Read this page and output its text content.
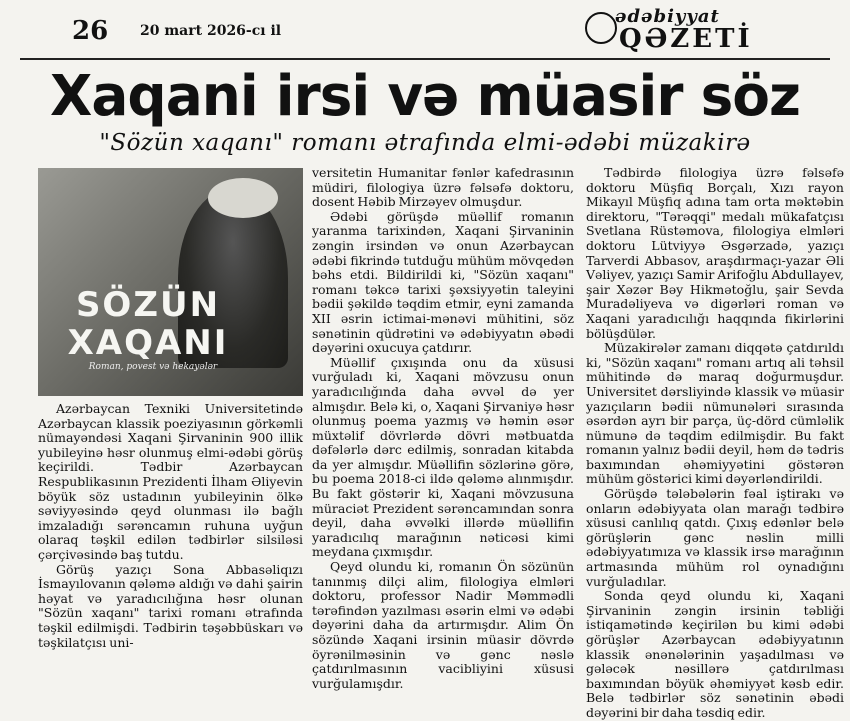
26 20 mart 2026-cı il
ədəbiyyat
QƏZETİ
Xaqani irsi və müasir söz
"Sözün xaqanı" romanı ətrafında elmi-ədəbi müzakirə
SÖZÜN XAQANI
Roman, povest və hekayələr

Azərbaycan Texniki Universitetində Azərbaycan klassik poeziyasının görkəmli nümayəndəsi Xaqani Şirvaninin 900 illik yubileyinə həsr olunmuş elmi-ədəbi görüş keçirildi. Tədbir Azərbaycan Respublikasının Prezidenti İlham Əliyevin böyük söz ustadının yubileyinin ölkə səviyyəsində qeyd olunması ilə bağlı imzaladığı sərəncamın ruhuna uyğun olaraq təşkil edilən tədbirlər silsiləsi çərçivəsində baş tutdu.

Görüş yazıçı Sona Abbasəliqızı İsmayılovanın qələmə aldığı və dahi şairin həyat və yaradıcılığına həsr olunan "Sözün xaqanı" tarixi romanı ətrafında təşkil edilmişdi. Tədbirin təşəbbüskarı və təşkilatçısı uni-

versitetin Humanitar fənlər kafedrasının müdiri, filologiya üzrə fəlsəfə doktoru, dosent Həbib Mirzəyev olmuşdur.

Ədəbi görüşdə müəllif romanın yaranma tarixindən, Xaqani Şirvaninin zəngin irsindən və onun Azərbaycan ədəbi fikrində tutduğu mühüm mövqedən bəhs etdi. Bildirildi ki, "Sözün xaqanı" romanı təkcə tarixi şəxsiyyətin taleyini bədii şəkildə təqdim etmir, eyni zamanda XII əsrin ictimai-mənəvi mühitini, söz sənətinin qüdrətini və ədəbiyyatın əbədi dəyərini oxucuya çatdırır.

Müəllif çıxışında onu da xüsusi vurğuladı ki, Xaqani mövzusu onun yaradıcılığında daha əvvəl də yer almışdır. Belə ki, o, Xaqani Şirvaniyə həsr olunmuş poema yazmış və həmin əsər müxtəlif dövrlərdə dövri mətbuatda dəfələrlə dərc edilmiş, sonradan kitabda da yer almışdır. Müəllifin sözlərinə görə, bu poema 2018-ci ildə qələmə alınmışdır. Bu fakt göstərir ki, Xaqani mövzusuna müraciət Prezident sərəncamından sonra deyil, daha əvvəlki illərdə müəllifin yaradıcılıq marağının nəticəsi kimi meydana çıxmışdır.

Qeyd olundu ki, romanın Ön sözünün tanınmış dilçi alim, filologiya elmləri doktoru, professor Nadir Məmmədli tərəfindən yazılması əsərin elmi və ədəbi dəyərini daha da artırmışdır. Alim Ön sözündə Xaqani irsinin müasir dövrdə öyrənilməsinin və gənc nəslə çatdırılmasının vacibliyini xüsusi vurğulamışdır.

Tədbirdə filologiya üzrə fəlsəfə doktoru Müşfiq Borçalı, Xızı rayon Mikayıl Müşfiq adına tam orta məktəbin direktoru, "Tərəqqi" medalı mükafatçısı Svetlana Rüstəmova, filologiya elmləri doktoru Lütviyyə Əsgərzadə, yazıçı Tarverdi Abbasov, araşdırmaçı-yazar Əli Vəliyev, yazıçı Samir Arifoğlu Abdullayev, şair Xəzər Bəy Hikmətoğlu, şair Sevda Muradəliyeva və digərləri roman və Xaqani yaradıcılığı haqqında fikirlərini bölüşdülər.

Müzakirələr zamanı diqqətə çatdırıldı ki, "Sözün xaqanı" romanı artıq ali təhsil mühitində də maraq doğurmuşdur. Universitet dərsliyində klassik və müasir yazıçıların bədii nümunələri sırasında əsərdən ayrı bir parça, üç-dörd cümləlik nümunə də təqdim edilmişdir. Bu fakt romanın yalnız bədii deyil, həm də tədris baxımından əhəmiyyətini göstərən mühüm göstərici kimi dəyərləndirildi.

Görüşdə tələbələrin fəal iştirakı və onların ədəbiyyata olan marağı tədbirə xüsusi canlılıq qatdı. Çıxış edənlər belə görüşlərin gənc nəslin milli ədəbiyyatımıza və klassik irsə marağının artmasında mühüm rol oynadığını vurğuladılar.

Sonda qeyd olundu ki, Xaqani Şirvaninin zəngin irsinin təbliği istiqamətində keçirilən bu kimi ədəbi görüşlər Azərbaycan ədəbiyyatının klassik ənənələrinin yaşadılması və gələcək nəsillərə çatdırılması baxımından böyük əhəmiyyət kəsb edir. Belə tədbirlər söz sənətinin əbədi dəyərini bir daha təsdiq edir.
